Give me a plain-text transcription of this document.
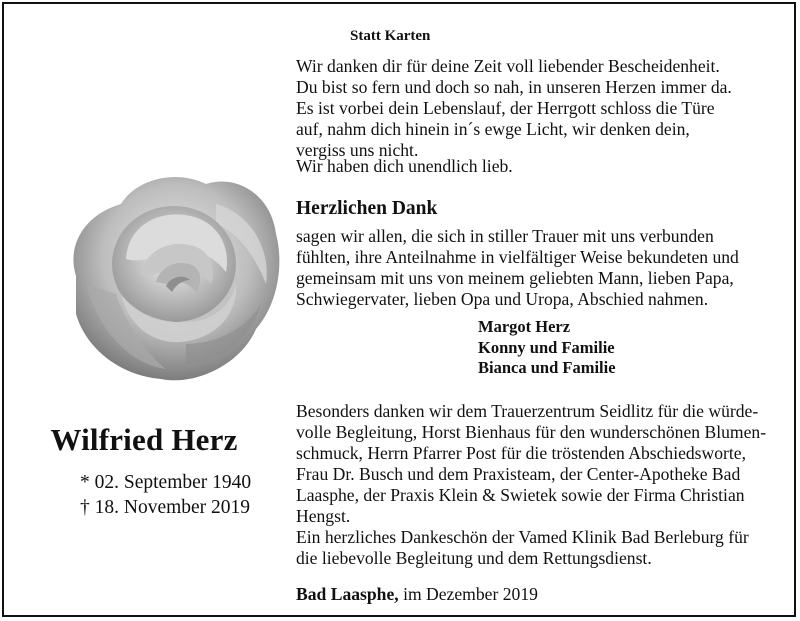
Wilfried Herz
* 02. September 1940
† 18. November 2019
Statt Karten
Wir danken dir für deine Zeit voll liebender Bescheidenheit.
Du bist so fern und doch so nah, in unseren Herzen immer da.
Es ist vorbei dein Lebenslauf, der Herrgott schloss die Türe
auf, nahm dich hinein in´s ewge Licht, wir denken dein,
vergiss uns nicht.
Wir haben dich unendlich lieb.
Herzlichen Dank
sagen wir allen, die sich in stiller Trauer mit uns verbunden
fühlten, ihre Anteilnahme in vielfältiger Weise bekundeten und
gemeinsam mit uns von meinem geliebten Mann, lieben Papa,
Schwiegervater, lieben Opa und Uropa, Abschied nahmen.
Margot Herz
Konny und Familie
Bianca und Familie
Besonders danken wir dem Trauerzentrum Seidlitz für die würde-
volle Begleitung, Horst Bienhaus für den wunderschönen Blumen-
schmuck, Herrn Pfarrer Post für die tröstenden Abschiedsworte,
Frau Dr. Busch und dem Praxisteam, der Center-Apotheke Bad
Laasphe, der Praxis Klein & Swietek sowie der Firma Christian
Hengst.
Ein herzliches Dankeschön der Vamed Klinik Bad Berleburg für
die liebevolle Begleitung und dem Rettungsdienst.
Bad Laasphe, im Dezember 2019
